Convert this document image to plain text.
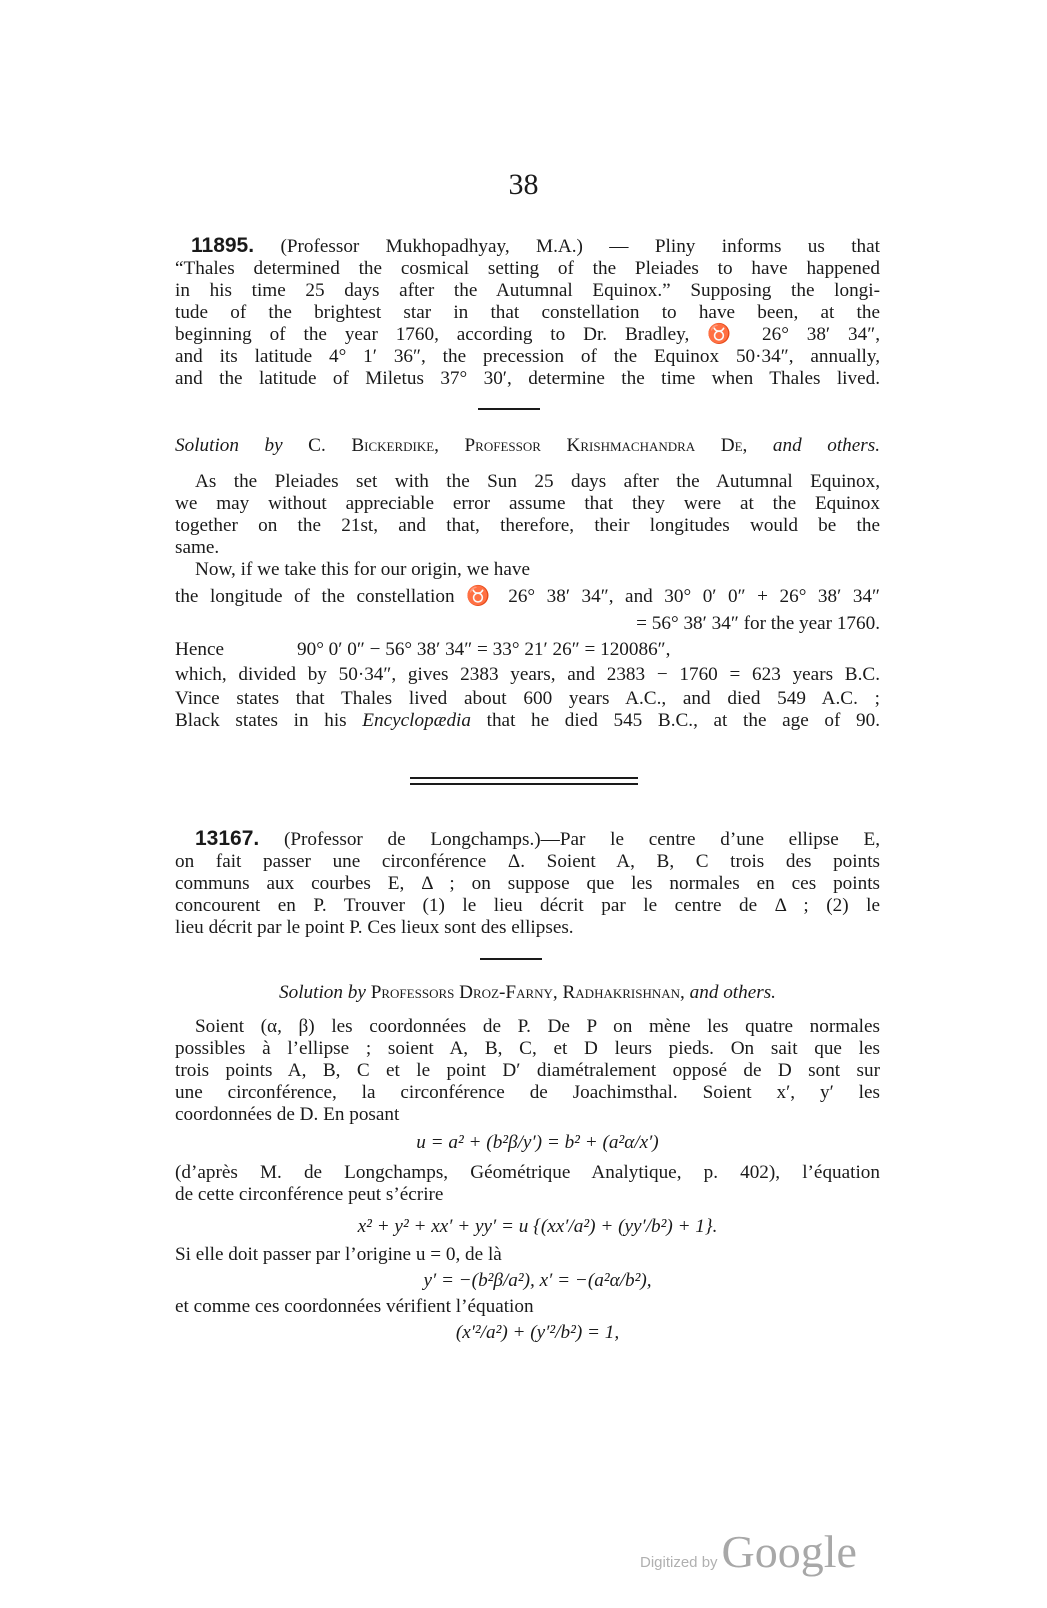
38
11895. (Professor Mukhopadhyay, M.A.) — Pliny informs us that
“Thales determined the cosmical setting of the Pleiades to have happened
in his time 25 days after the Autumnal Equinox.” Supposing the longi-
tude of the brightest star in that constellation to have been, at the
beginning of the year 1760, according to Dr. Bradley, ♉ 26° 38′ 34″,
and its latitude 4° 1′ 36″, the precession of the Equinox 50·34″, annually,
and the latitude of Miletus 37° 30′, determine the time when Thales lived.
Solution by C. Bickerdike, Professor Krishmachandra De, and others.
As the Pleiades set with the Sun 25 days after the Autumnal Equinox,
we may without appreciable error assume that they were at the Equinox
together on the 21st, and that, therefore, their longitudes would be the
same.
Now, if we take this for our origin, we have
the longitude of the constellation ♉ 26° 38′ 34″, and 30° 0′ 0″ + 26° 38′ 34″
= 56° 38′ 34″ for the year 1760.
Hence	90° 0′ 0″ − 56° 38′ 34″ = 33° 21′ 26″ = 120086″,
which, divided by 50·34″, gives 2383 years, and 2383 − 1760 = 623 years B.C.
Vince states that Thales lived about 600 years A.C., and died 549 A.C. ;
Black states in his Encyclopædia that he died 545 B.C., at the age of 90.
13167. (Professor de Longchamps.)—Par le centre d’une ellipse E,
on fait passer une circonférence Δ. Soient A, B, C trois des points
communs aux courbes E, Δ ; on suppose que les normales en ces points
concourent en P. Trouver (1) le lieu décrit par le centre de Δ ; (2) le
lieu décrit par le point P. Ces lieux sont des ellipses.
Solution by Professors Droz-Farny, Radhakrishnan, and others.
Soient (α, β) les coordonnées de P. De P on mène les quatre normales
possibles à l’ellipse ; soient A, B, C, et D leurs pieds. On sait que les
trois points A, B, C et le point D′ diamétralement opposé de D sont sur
une circonférence, la circonférence de Joachimsthal. Soient x′, y′ les
coordonnées de D. En posant
u = a² + (b²β/y′) = b² + (a²α/x′)
(d’après M. de Longchamps, Géométrique Analytique, p. 402), l’équation
de cette circonférence peut s’écrire
x² + y² + xx′ + yy′ = u {(xx′/a²) + (yy′/b²) + 1}.
Si elle doit passer par l’origine u = 0, de là
y′ = −(b²β/a²), x′ = −(a²α/b²),
et comme ces coordonnées vérifient l’équation
(x′²/a²) + (y′²/b²) = 1,
Digitized by Google
